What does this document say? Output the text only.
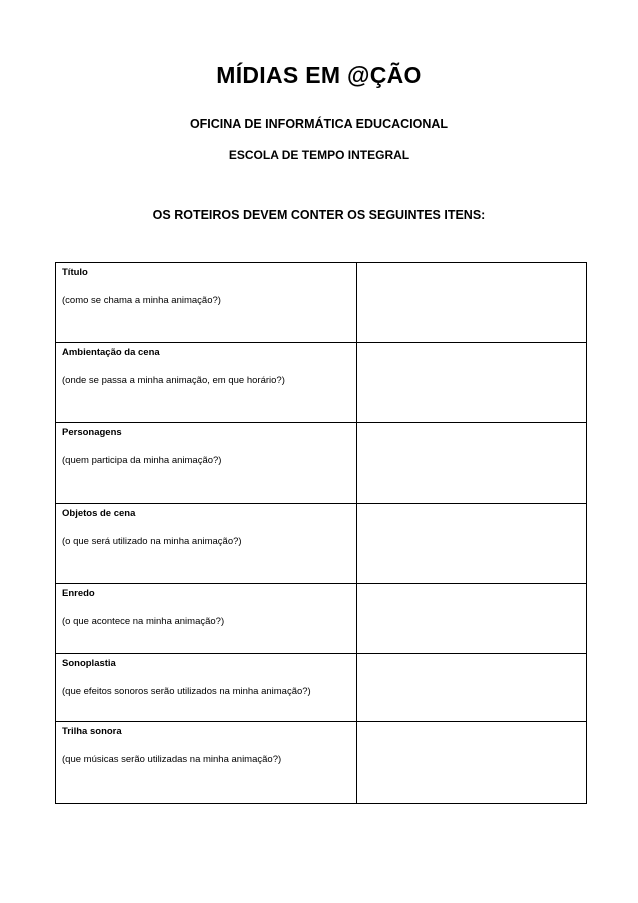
MÍDIAS EM @ÇÃO
OFICINA DE INFORMÁTICA EDUCACIONAL
ESCOLA DE TEMPO INTEGRAL
OS ROTEIROS DEVEM CONTER OS SEGUINTES ITENS:
Título
(como se chama a minha animação?)	

Ambientação da cena
(onde se passa a minha animação, em que horário?)	

Personagens
(quem participa da minha animação?)	

Objetos de cena
(o que será utilizado na minha animação?)	

Enredo
(o que acontece na minha animação?)	

Sonoplastia
(que efeitos sonoros serão utilizados na minha animação?)	

Trilha sonora
(que músicas serão utilizadas na minha animação?)	
